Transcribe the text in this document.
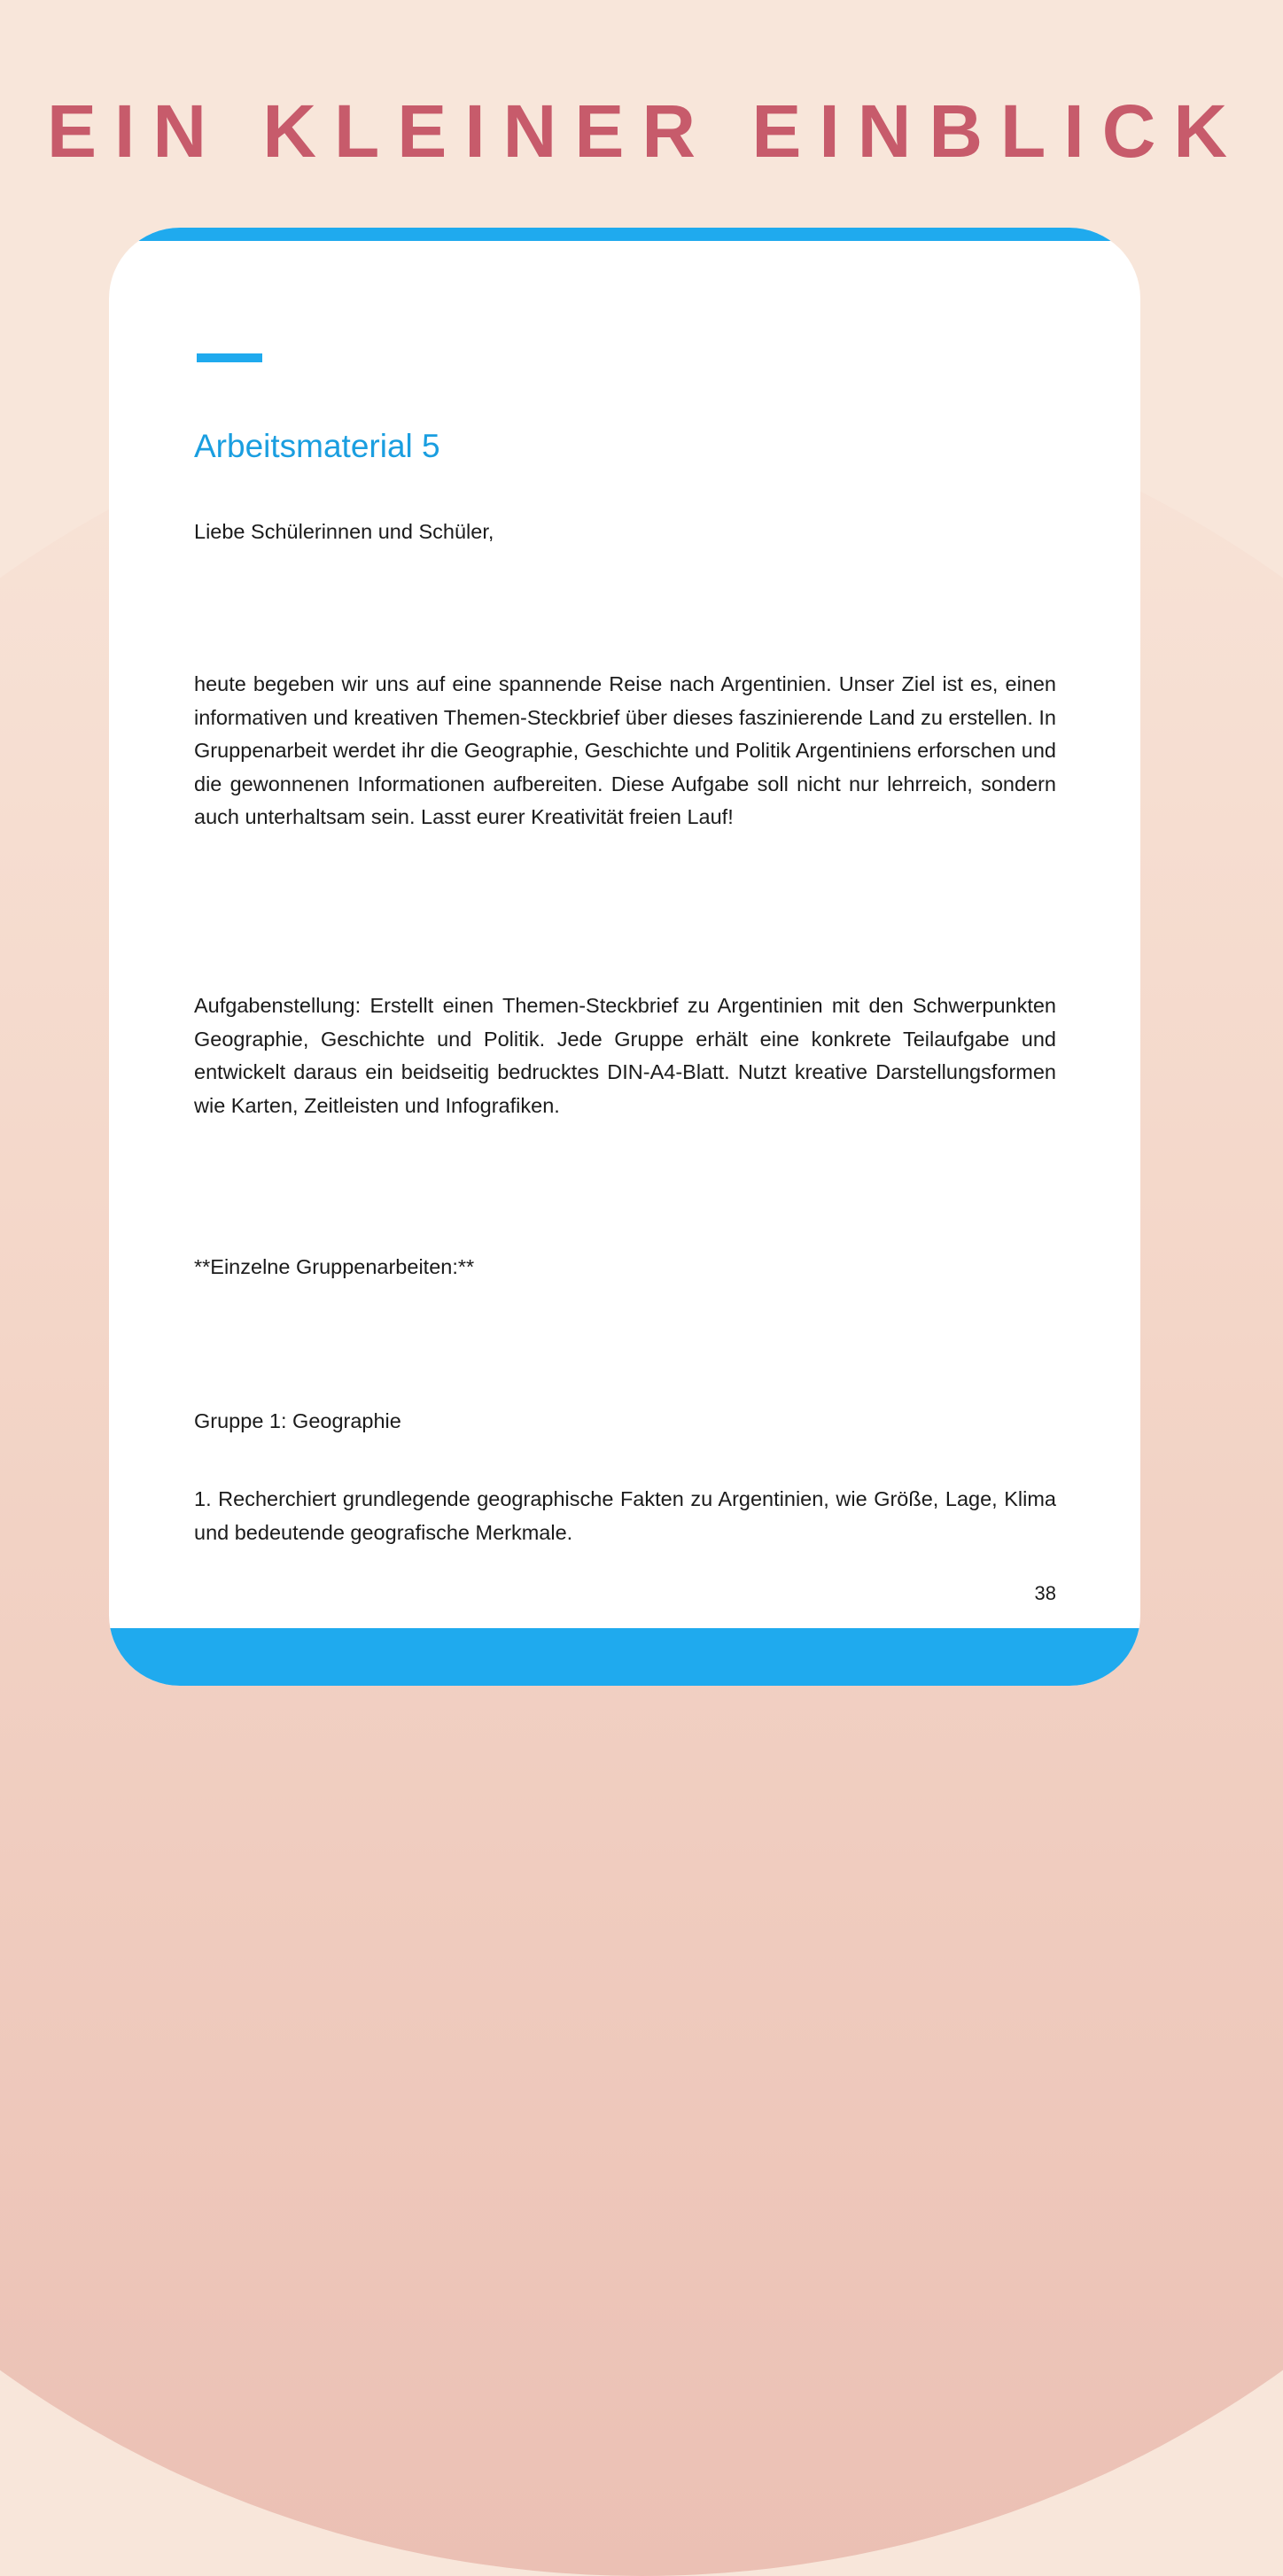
EIN KLEINER EINBLICK
Arbeitsmaterial 5

Liebe Schülerinnen und Schüler,

heute begeben wir uns auf eine spannende Reise nach Argentinien. Unser Ziel ist es, einen informativen und kreativen Themen-Steckbrief über dieses faszinierende Land zu erstellen. In Gruppenarbeit werdet ihr die Geographie, Geschichte und Politik Argentiniens erforschen und die gewonnenen Informationen aufbereiten. Diese Aufgabe soll nicht nur lehrreich, sondern auch unterhaltsam sein. Lasst eurer Kreativität freien Lauf!

Aufgabenstellung: Erstellt einen Themen-Steckbrief zu Argentinien mit den Schwerpunkten Geographie, Geschichte und Politik. Jede Gruppe erhält eine konkrete Teilaufgabe und entwickelt daraus ein beidseitig bedrucktes DIN-A4-Blatt. Nutzt kreative Darstellungsformen wie Karten, Zeitleisten und Infografiken.

**Einzelne Gruppenarbeiten:**

Gruppe 1: Geographie

1. Recherchiert grundlegende geographische Fakten zu Argentinien, wie Größe, Lage, Klima und bedeutende geografische Merkmale.

38
